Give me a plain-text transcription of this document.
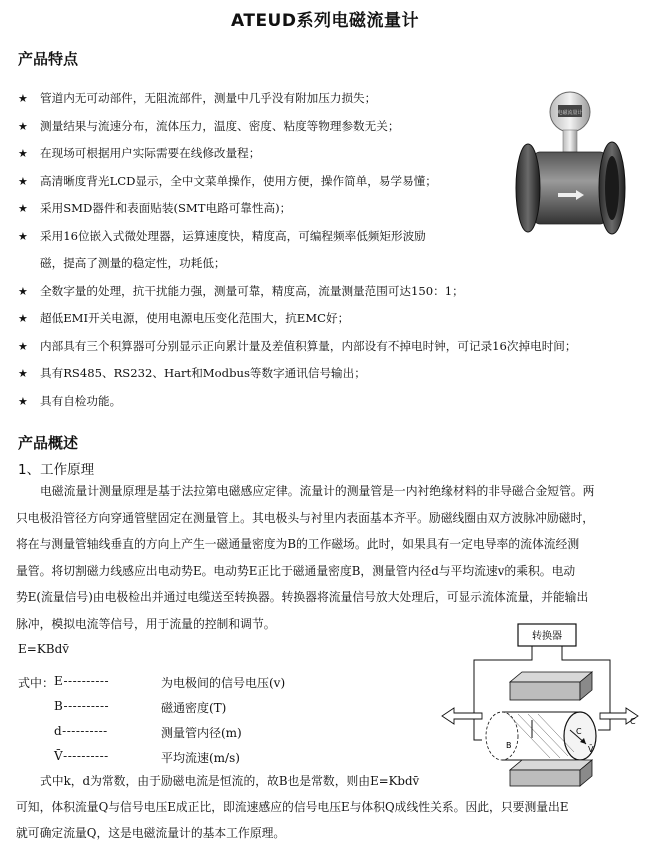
ATEUD系列电磁流量计
产品特点
★ 管道内无可动部件，无阻流部件，测量中几乎没有附加压力损失；
★ 测量结果与流速分布，流体压力，温度、密度、粘度等物理参数无关；
★ 在现场可根据用户实际需要在线修改量程；
★ 高清晰度背光LCD显示，全中文菜单操作，使用方便，操作简单，易学易懂；
★ 采用SMD器件和表面贴装(SMT电路可靠性高)；
★ 采用16位嵌入式微处理器，运算速度快，精度高，可编程频率低频矩形波励
磁，提高了测量的稳定性，功耗低；
★ 全数字量的处理，抗干扰能力强，测量可靠，精度高，流量测量范围可达150：1；
★ 超低EMI开关电源，使用电源电压变化范围大，抗EMC好；
★ 内部具有三个积算器可分别显示正向累计量及差值积算量，内部设有不掉电时钟，可记录16次掉电时间；
★ 具有RS485、RS232、Hart和Modbus等数字通讯信号输出；
★ 具有自检功能。
电磁流量计
产品概述
1、工作原理
电磁流量计测量原理是基于法拉第电磁感应定律。流量计的测量管是一内衬绝缘材料的非导磁合金短管。两
只电极沿管径方向穿通管壁固定在测量管上。其电极头与衬里内表面基本齐平。励磁线圈由双方波脉冲励磁时，
将在与测量管轴线垂直的方向上产生一磁通量密度为B的工作磁场。此时，如果具有一定电导率的流体流经测
量管。将切割磁力线感应出电动势E。电动势E正比于磁通量密度B，测量管内径d与平均流速v的乘积。电动
势E(流量信号)由电极检出并通过电缆送至转换器。转换器将流量信号放大处理后，可显示流体流量，并能输出
脉冲，模拟电流等信号，用于流量的控制和调节。
E=KBdv̄
式中： E----------	为电极间的信号电压(v)
B----------	磁通密度(T)
d----------	测量管内径(m)
V̄----------	平均流速(m/s)
式中k，d为常数，由于励磁电流是恒流的，故B也是常数，则由E=Kbdv̄
可知，体积流量Q与信号电压E成正比，即流速感应的信号电压E与体积Q成线性关系。因此，只要测量出E
就可确定流量Q，这是电磁流量计的基本工作原理。
转换器
C
C
B	V̄
